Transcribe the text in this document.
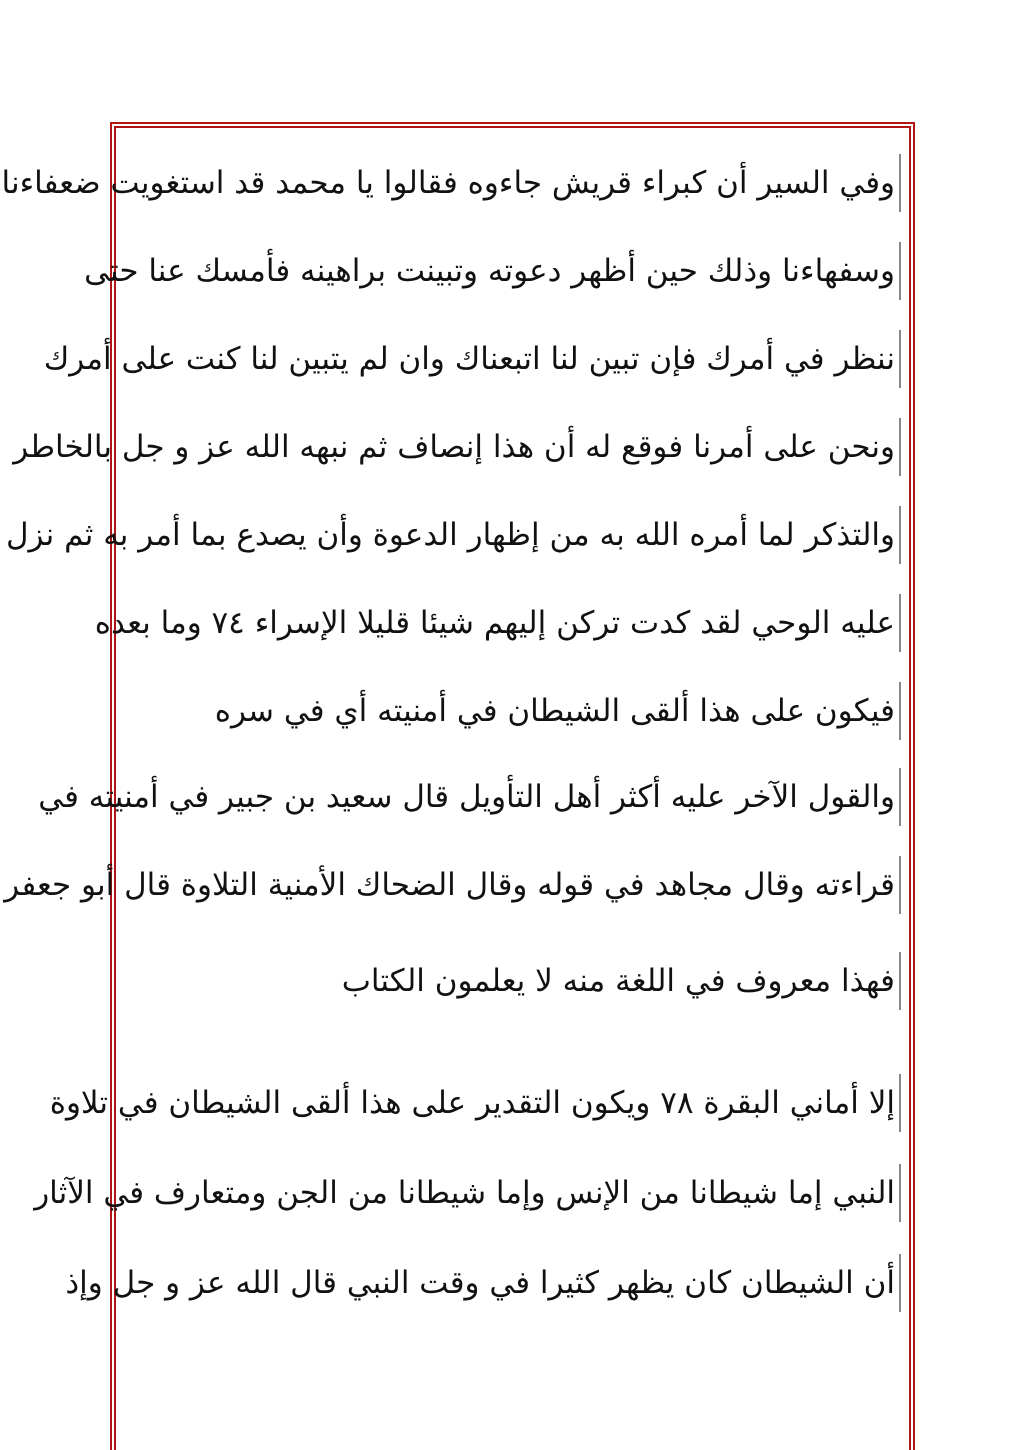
وفي السير أن كبراء قريش جاءوه فقالوا يا محمد قد استغويت ضعفاءنا
وسفهاءنا وذلك حين أظهر دعوته وتبينت براهينه فأمسك عنا حتى
ننظر في أمرك فإن تبين لنا اتبعناك وان لم يتبين لنا كنت على أمرك
ونحن على أمرنا فوقع له أن هذا إنصاف ثم نبهه الله عز و جل بالخاطر
والتذكر لما أمره الله به من إظهار الدعوة وأن يصدع بما أمر به ثم نزل
عليه الوحي لقد كدت تركن إليهم شيئا قليلا الإسراء ٧٤ وما بعده
فيكون على هذا ألقى الشيطان في أمنيته أي في سره
والقول الآخر عليه أكثر أهل التأويل قال سعيد بن جبير في أمنيته في
قراءته وقال مجاهد في قوله وقال الضحاك الأمنية التلاوة قال أبو جعفر
فهذا معروف في اللغة منه لا يعلمون الكتاب
إلا أماني البقرة ٧٨ ويكون التقدير على هذا ألقى الشيطان في تلاوة
النبي إما شيطانا من الإنس وإما شيطانا من الجن ومتعارف في الآثار
أن الشيطان كان يظهر كثيرا في وقت النبي قال الله عز و جل وإذ
